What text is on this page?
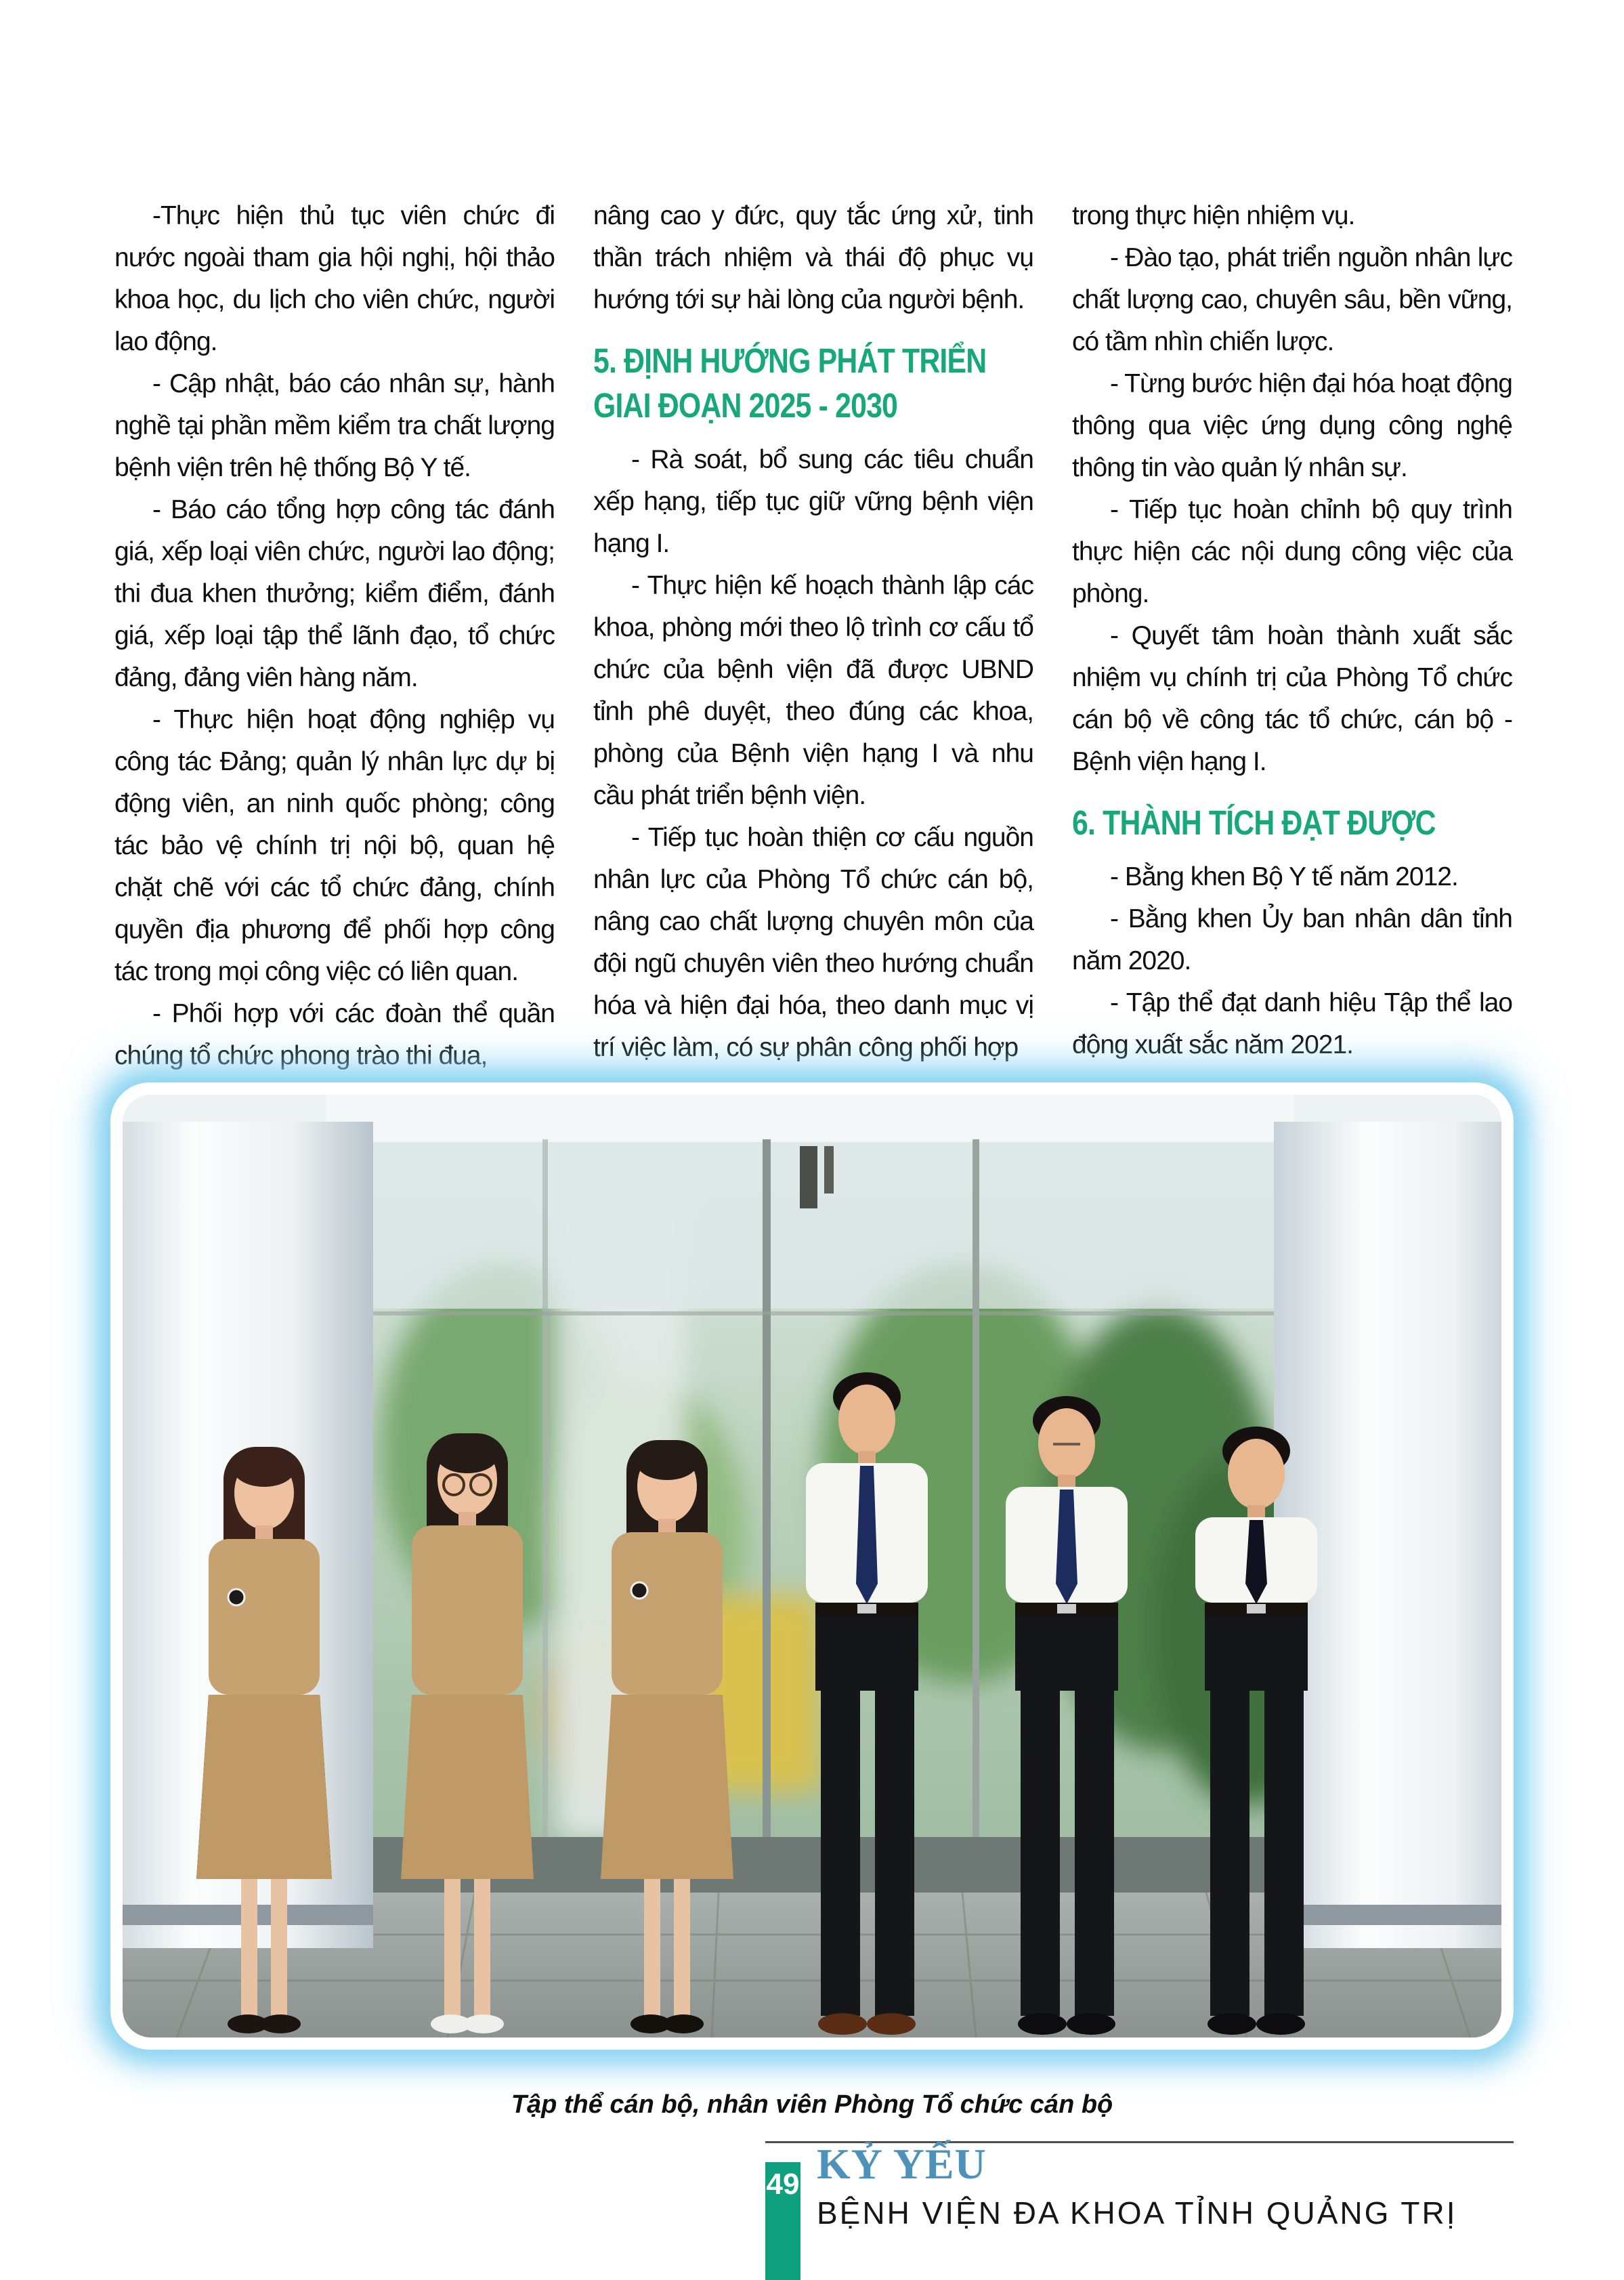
-Thực hiện thủ tục viên chức đi nước ngoài tham gia hội nghị, hội thảo khoa học, du lịch cho viên chức, người lao động.

- Cập nhật, báo cáo nhân sự, hành nghề tại phần mềm kiểm tra chất lượng bệnh viện trên hệ thống Bộ Y tế.

- Báo cáo tổng hợp công tác đánh giá, xếp loại viên chức, người lao động; thi đua khen thưởng; kiểm điểm, đánh giá, xếp loại tập thể lãnh đạo, tổ chức đảng, đảng viên hàng năm.

- Thực hiện hoạt động nghiệp vụ công tác Đảng; quản lý nhân lực dự bị động viên, an ninh quốc phòng; công tác bảo vệ chính trị nội bộ, quan hệ chặt chẽ với các tổ chức đảng, chính quyền địa phương để phối hợp công tác trong mọi công việc có liên quan.

- Phối hợp với các đoàn thể quần chúng tổ chức phong trào thi đua,

nâng cao y đức, quy tắc ứng xử, tinh thần trách nhiệm và thái độ phục vụ hướng tới sự hài lòng của người bệnh.

5. ĐỊNH HƯỚNG PHÁT TRIỂN
GIAI ĐOẠN 2025 - 2030

- Rà soát, bổ sung các tiêu chuẩn xếp hạng, tiếp tục giữ vững bệnh viện hạng I.

- Thực hiện kế hoạch thành lập các khoa, phòng mới theo lộ trình cơ cấu tổ chức của bệnh viện đã được UBND tỉnh phê duyệt, theo đúng các khoa, phòng của Bệnh viện hạng I và nhu cầu phát triển bệnh viện.

- Tiếp tục hoàn thiện cơ cấu nguồn nhân lực của Phòng Tổ chức cán bộ, nâng cao chất lượng chuyên môn của đội ngũ chuyên viên theo hướng chuẩn hóa và hiện đại hóa, theo danh mục vị trí việc làm, có sự phân công phối hợp

trong thực hiện nhiệm vụ.

- Đào tạo, phát triển nguồn nhân lực chất lượng cao, chuyên sâu, bền vững, có tầm nhìn chiến lược.

- Từng bước hiện đại hóa hoạt động thông qua việc ứng dụng công nghệ thông tin vào quản lý nhân sự.

- Tiếp tục hoàn chỉnh bộ quy trình thực hiện các nội dung công việc của phòng.

- Quyết tâm hoàn thành xuất sắc nhiệm vụ chính trị của Phòng Tổ chức cán bộ về công tác tổ chức, cán bộ - Bệnh viện hạng I.

6. THÀNH TÍCH ĐẠT ĐƯỢC

- Bằng khen Bộ Y tế năm 2012.

- Bằng khen Ủy ban nhân dân tỉnh năm 2020.

- Tập thể đạt danh hiệu Tập thể lao động xuất sắc năm 2021.

Tập thể cán bộ, nhân viên Phòng Tổ chức cán bộ
49 KỶ YẾU
BỆNH VIỆN ĐA KHOA TỈNH QUẢNG TRỊ
